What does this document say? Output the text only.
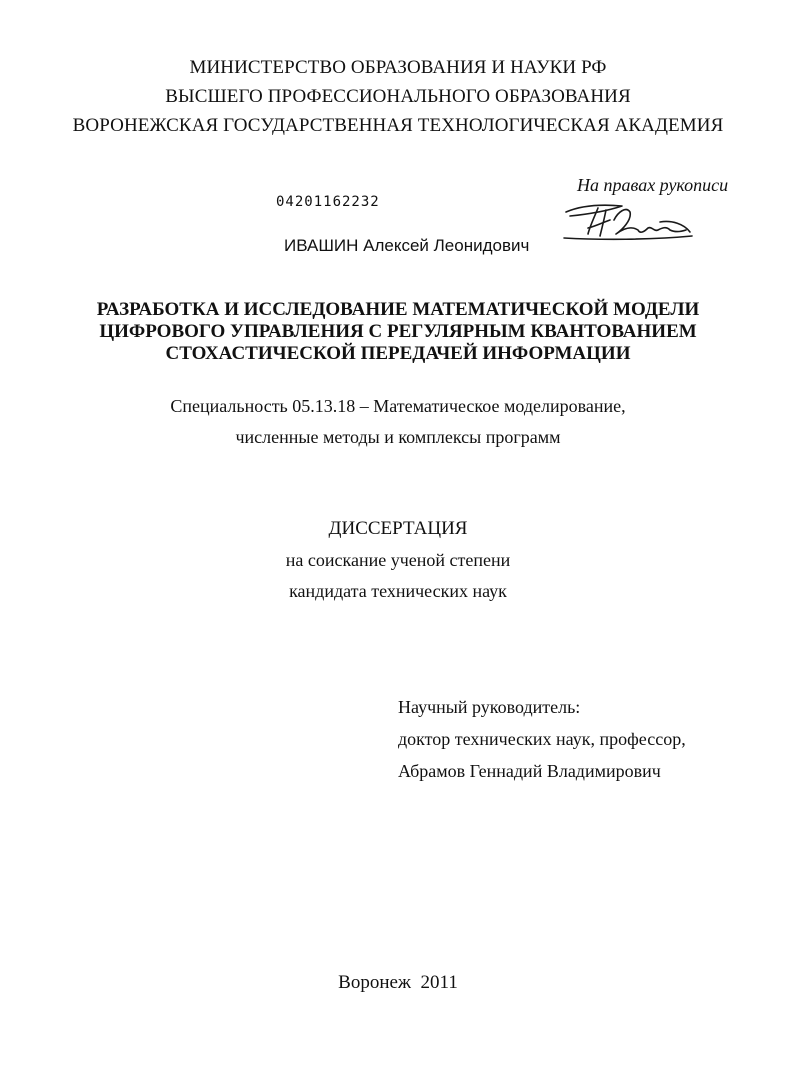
МИНИСТЕРСТВО ОБРАЗОВАНИЯ И НАУКИ РФ
ВЫСШЕГО ПРОФЕССИОНАЛЬНОГО ОБРАЗОВАНИЯ
ВОРОНЕЖСКАЯ ГОСУДАРСТВЕННАЯ ТЕХНОЛОГИЧЕСКАЯ АКАДЕМИЯ
04201162232
На правах рукописи
ИВАШИН Алексей Леонидович
РАЗРАБОТКА И ИССЛЕДОВАНИЕ МАТЕМАТИЧЕСКОЙ МОДЕЛИ
ЦИФРОВОГО УПРАВЛЕНИЯ С РЕГУЛЯРНЫМ КВАНТОВАНИЕМ
СТОХАСТИЧЕСКОЙ ПЕРЕДАЧЕЙ ИНФОРМАЦИИ
Специальность 05.13.18 – Математическое моделирование,
численные методы и комплексы программ
ДИССЕРТАЦИЯ
на соискание ученой степени
кандидата технических наук
Научный руководитель:
доктор технических наук, профессор,
Абрамов Геннадий Владимирович
Воронеж  2011
